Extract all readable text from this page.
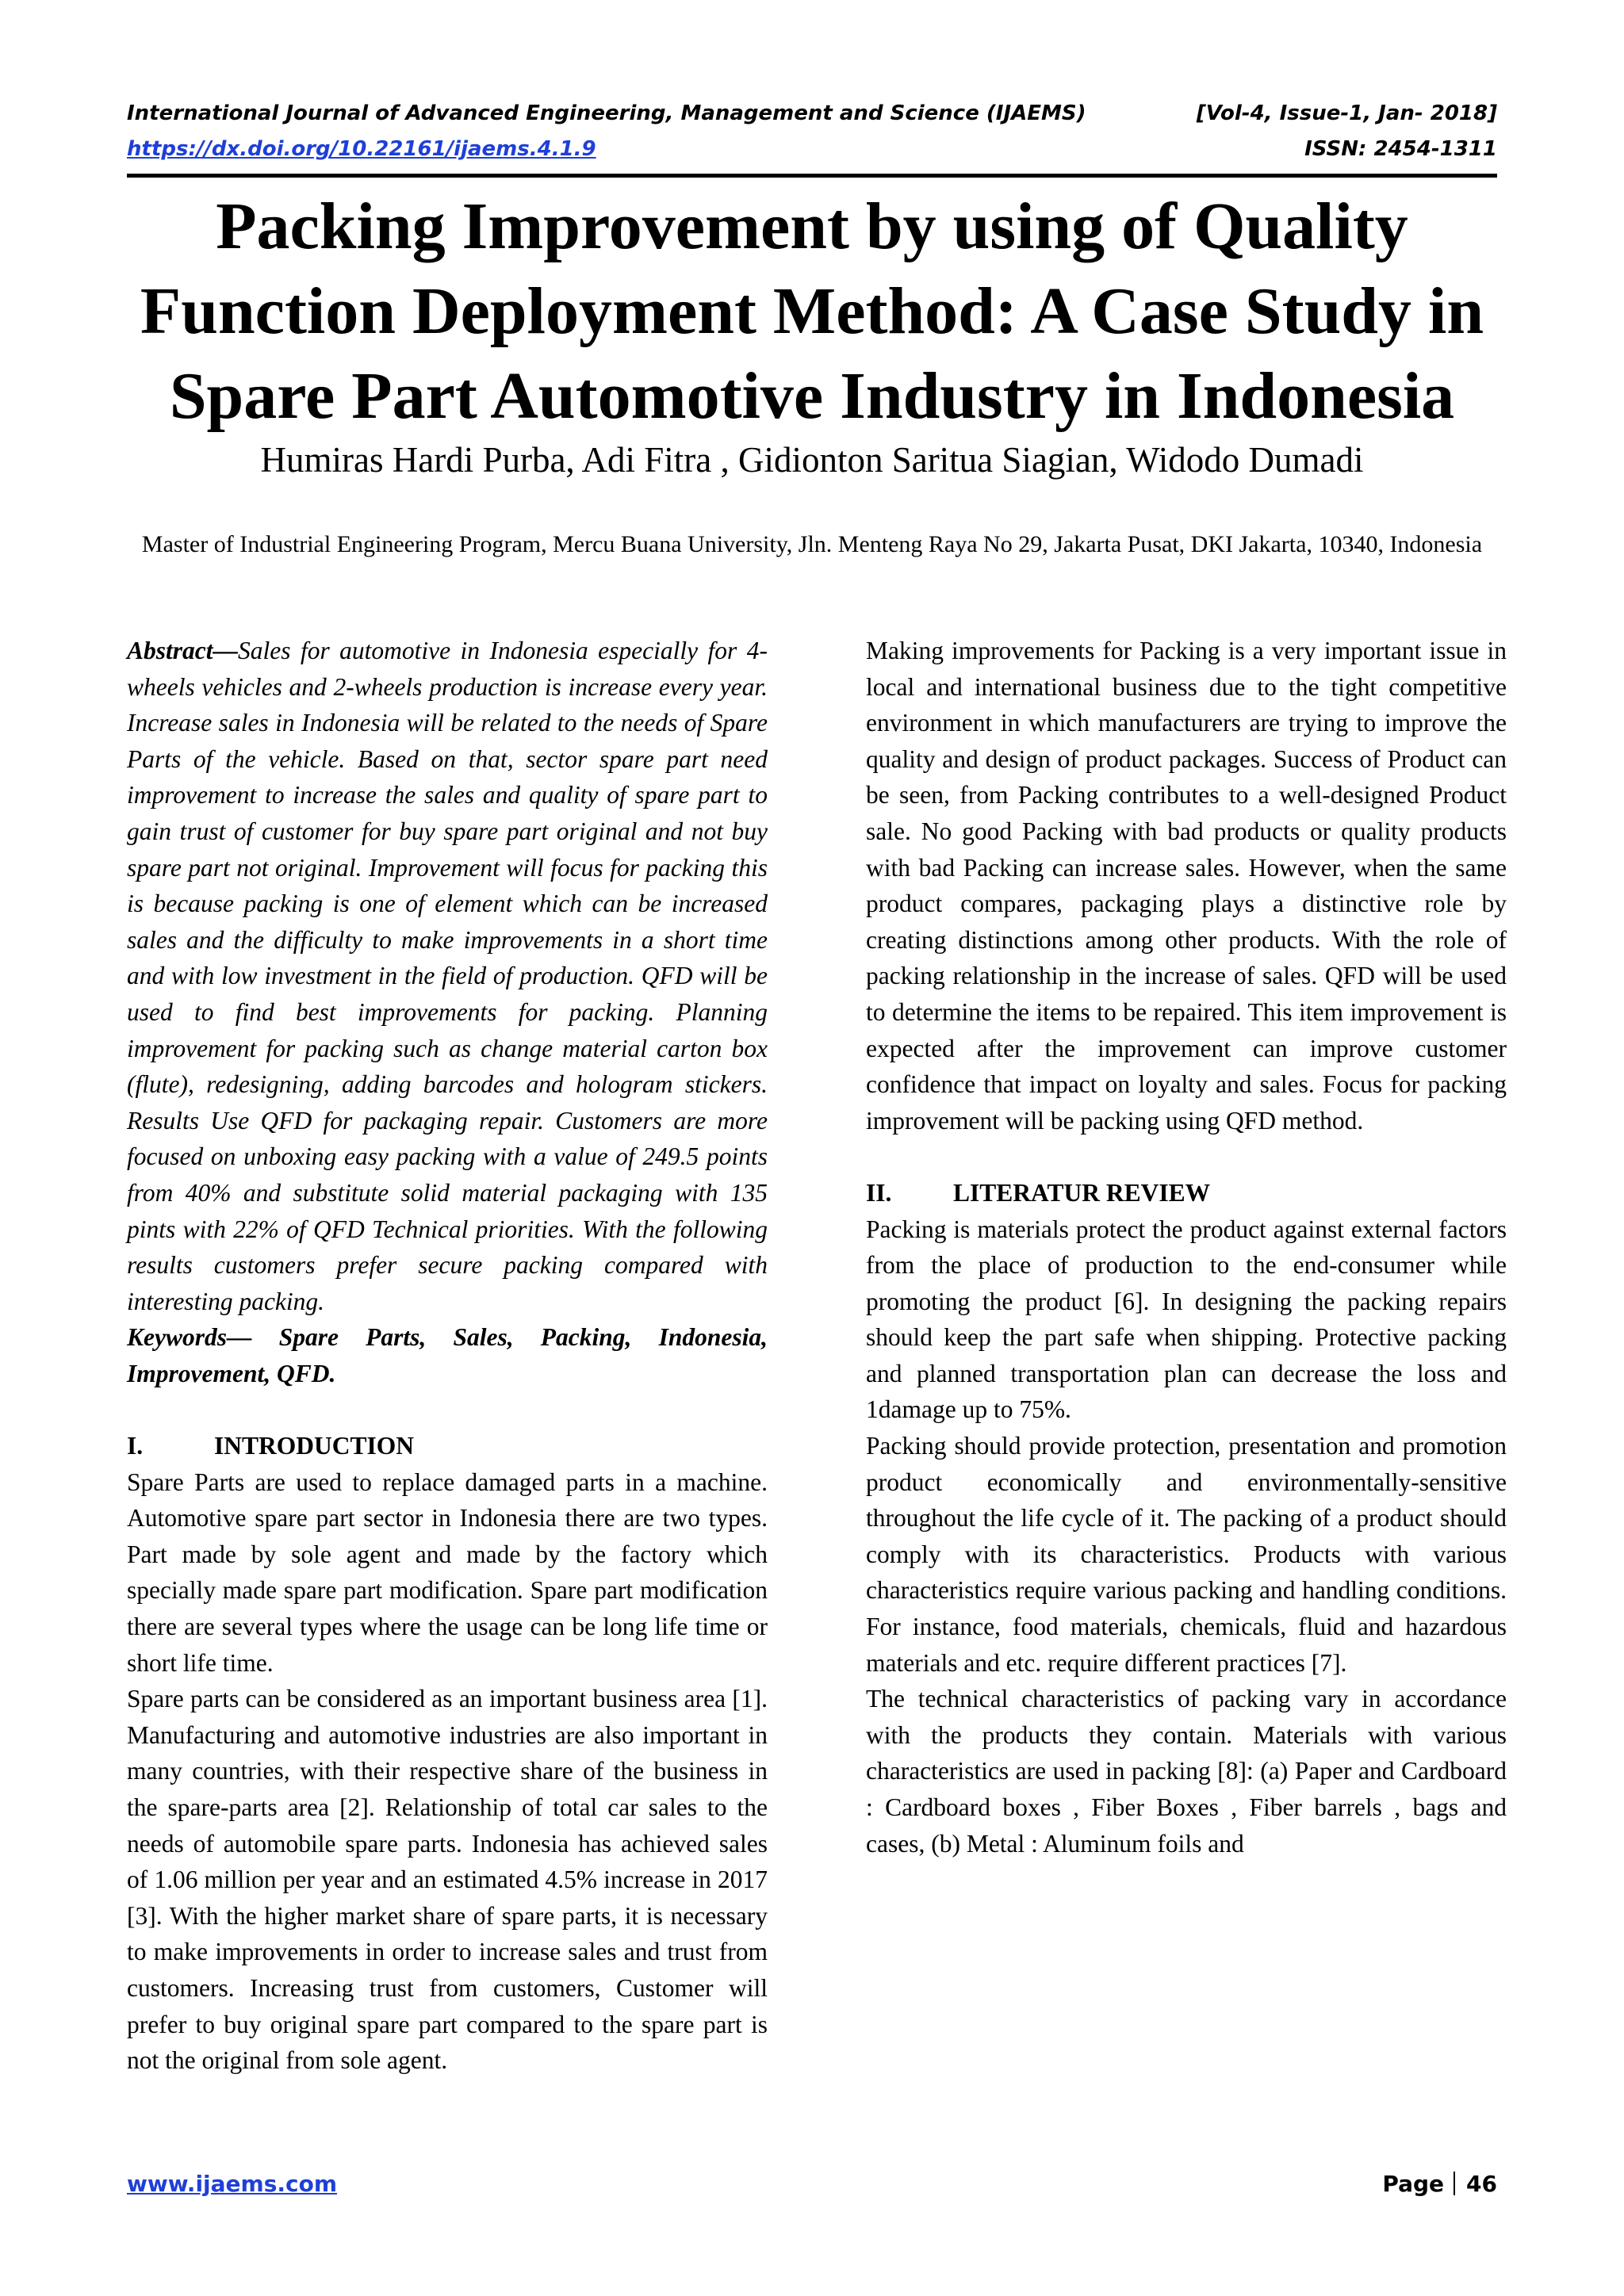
International Journal of Advanced Engineering, Management and Science (IJAEMS)	[Vol-4, Issue-1, Jan- 2018]
https://dx.doi.org/10.22161/ijaems.4.1.9	ISSN: 2454-1311
Packing Improvement by using of Quality Function Deployment Method: A Case Study in Spare Part Automotive Industry in Indonesia
Humiras Hardi Purba, Adi Fitra , Gidionton Saritua Siagian, Widodo Dumadi
Master of Industrial Engineering Program, Mercu Buana University, Jln. Menteng Raya No 29, Jakarta Pusat, DKI Jakarta, 10340, Indonesia

Abstract—Sales for automotive in Indonesia especially for 4-wheels vehicles and 2-wheels production is increase every year. Increase sales in Indonesia will be related to the needs of Spare Parts of the vehicle. Based on that, sector spare part need improvement to increase the sales and quality of spare part to gain trust of customer for buy spare part original and not buy spare part not original. Improvement will focus for packing this is because packing is one of element which can be increased sales and the difficulty to make improvements in a short time and with low investment in the field of production. QFD will be used to find best improvements for packing. Planning improvement for packing such as change material carton box (flute), redesigning, adding barcodes and hologram stickers. Results Use QFD for packaging repair. Customers are more focused on unboxing easy packing with a value of 249.5 points from 40% and substitute solid material packaging with 135 pints with 22% of QFD Technical priorities. With the following results customers prefer secure packing compared with interesting packing.

Keywords— Spare Parts, Sales, Packing, Indonesia, Improvement, QFD.

I.	INTRODUCTION

Spare Parts are used to replace damaged parts in a machine. Automotive spare part sector in Indonesia there are two types. Part made by sole agent and made by the factory which specially made spare part modification. Spare part modification there are several types where the usage can be long life time or short life time.

Spare parts can be considered as an important business area [1]. Manufacturing and automotive industries are also important in many countries, with their respective share of the business in the spare-parts area [2]. Relationship of total car sales to the needs of automobile spare parts. Indonesia has achieved sales of 1.06 million per year and an estimated 4.5% increase in 2017 [3]. With the higher market share of spare parts, it is necessary to make improvements in order to increase sales and trust from customers. Increasing trust from customers, Customer will prefer to buy original spare part compared to the spare part is not the original from sole agent.

Making improvements for Packing is a very important issue in local and international business due to the tight competitive environment in which manufacturers are trying to improve the quality and design of product packages. Success of Product can be seen, from Packing contributes to a well-designed Product sale. No good Packing with bad products or quality products with bad Packing can increase sales. However, when the same product compares, packaging plays a distinctive role by creating distinctions among other products. With the role of packing relationship in the increase of sales. QFD will be used to determine the items to be repaired. This item improvement is expected after the improvement can improve customer confidence that impact on loyalty and sales. Focus for packing improvement will be packing using QFD method.

II. LITERATUR REVIEW

Packing is materials protect the product against external factors from the place of production to the end-consumer while promoting the product [6]. In designing the packing repairs should keep the part safe when shipping. Protective packing and planned transportation plan can decrease the loss and 1damage up to 75%.

Packing should provide protection, presentation and promotion product economically and environmentally-sensitive throughout the life cycle of it. The packing of a product should comply with its characteristics. Products with various characteristics require various packing and handling conditions. For instance, food materials, chemicals, fluid and hazardous materials and etc. require different practices [7].

The technical characteristics of packing vary in accordance with the products they contain. Materials with various characteristics are used in packing [8]: (a) Paper and Cardboard : Cardboard boxes , Fiber Boxes , Fiber barrels , bags and cases, (b) Metal : Aluminum foils and

www.ijaems.com	Page 46
